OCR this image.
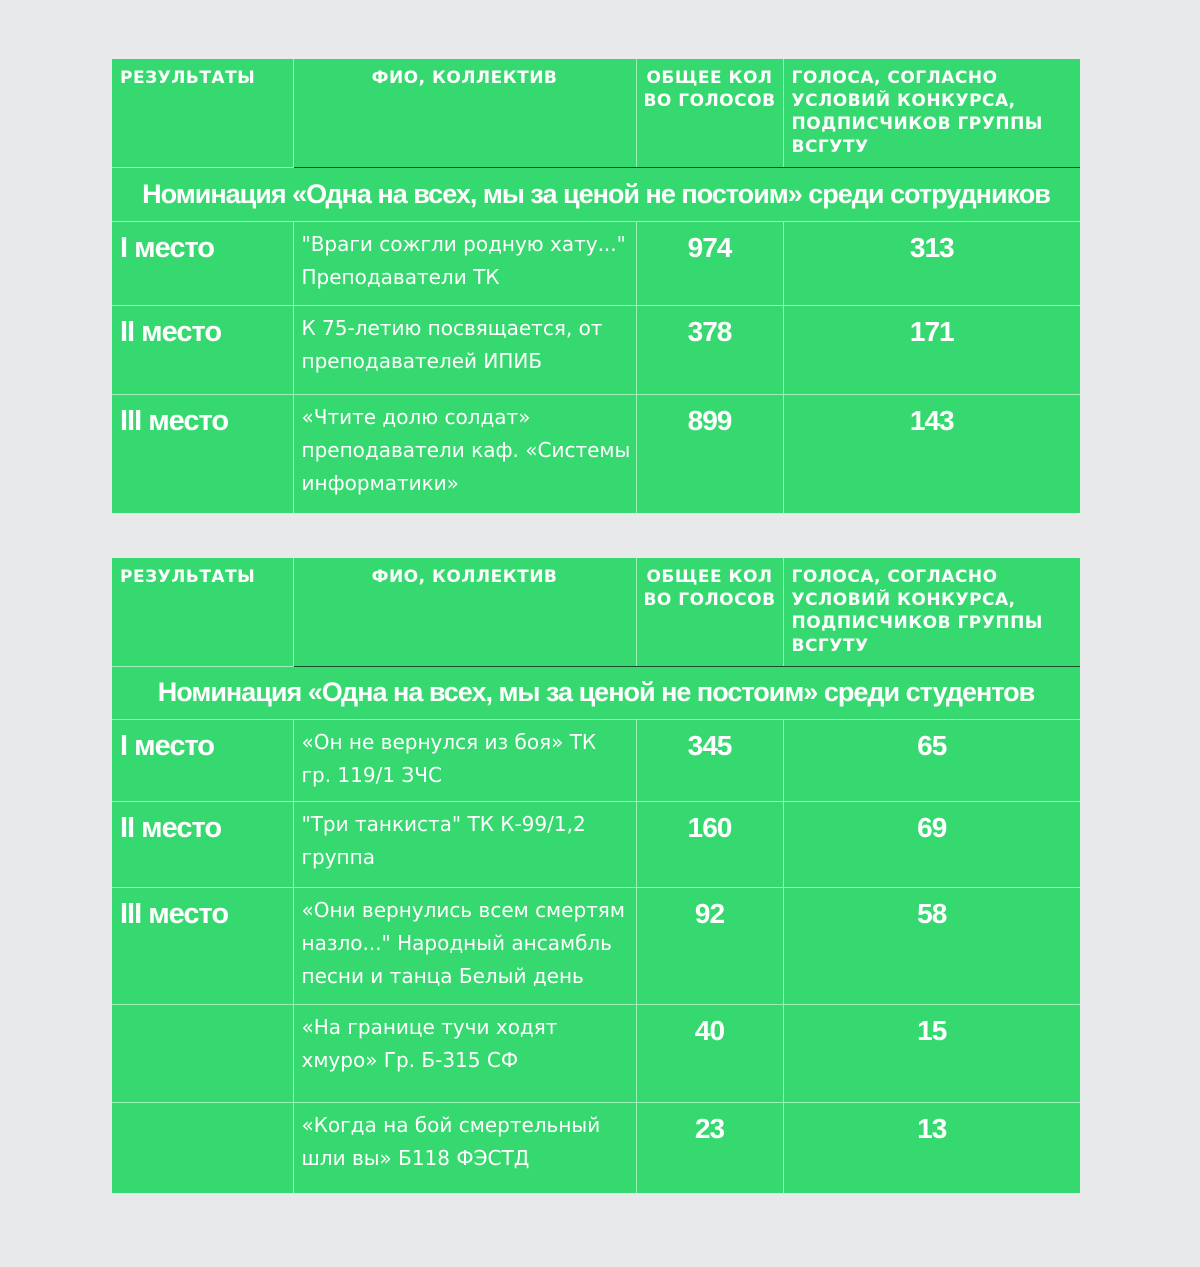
РЕЗУЛЬТАТЫ	ФИО, КОЛЛЕКТИВ	ОБЩЕЕ КОЛ ВО ГОЛОСОВ	ГОЛОСА, СОГЛАСНО УСЛОВИЙ КОНКУРСА, ПОДПИСЧИКОВ ГРУППЫ ВСГУТУ
Номинация «Одна на всех, мы за ценой не постоим» среди сотрудников			
I место	"Врaги сожгли родную хату..." Преподаватели ТК	974	313
II место	К 75-летию посвящается, от преподавателей ИПИБ	378	171
III место	«Чтите долю солдат» преподаватели каф. «Системы информатики»	899	143
РЕЗУЛЬТАТЫ	ФИО, КОЛЛЕКТИВ	ОБЩЕЕ КОЛ ВО ГОЛОСОВ	ГОЛОСА, СОГЛАСНО УСЛОВИЙ КОНКУРСА, ПОДПИСЧИКОВ ГРУППЫ ВСГУТУ
Номинация «Одна на всех, мы за ценой не постоим» среди студентов			
I место	«Он не вернулся из боя» ТК гр. 119/1 ЗЧС	345	65
II место	"Три танкиста" ТК К-99/1,2 группа	160	69
III место	«Они вернулись всем смертям назло..." Народный ансамбль песни и танца Белый день	92	58
	«На границе тучи ходят хмуро» Гр. Б-315 СФ	40	15
	«Когда на бой смертельный шли вы» Б118 ФЭСТД	23	13
